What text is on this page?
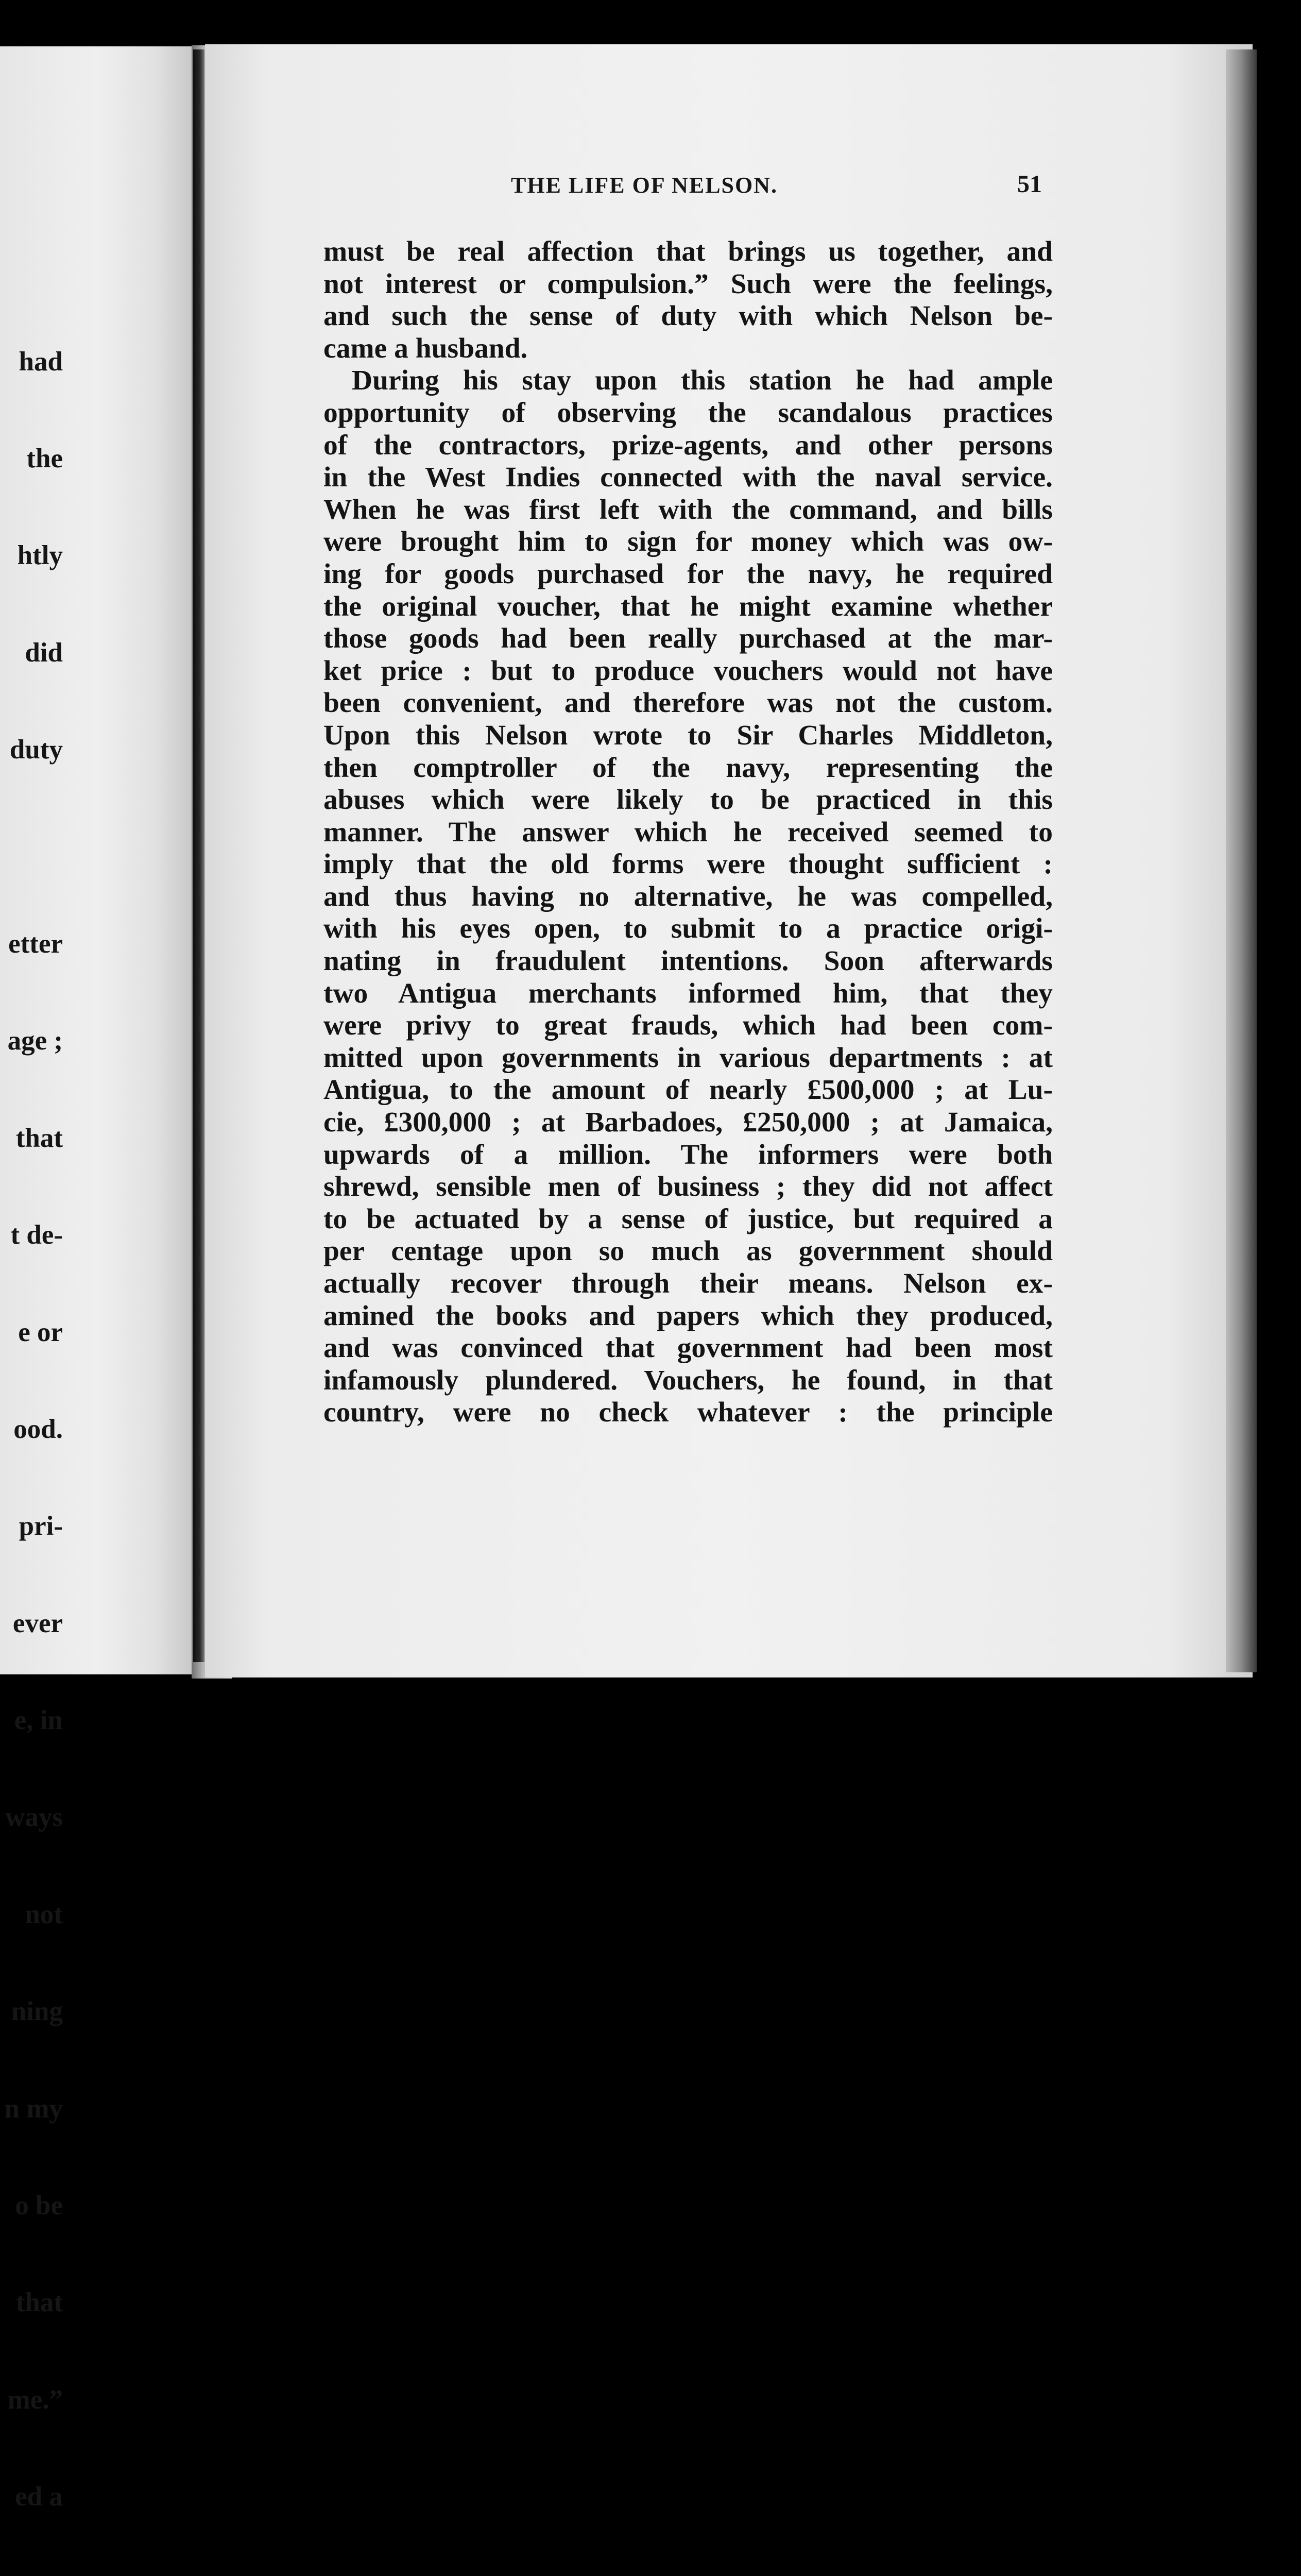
had

the

htly

did

duty

etter

age ;

that

t de-

e or

ood.

pri-

ever

e, in

ways

not

ning

n my

o be

that

me.”

ed a

THE LIFE OF NELSON.	51
must be real affection that brings us together, and
not interest or compulsion.” Such were the feelings,
and such the sense of duty with which Nelson be-
came a husband.
During his stay upon this station he had ample
opportunity of observing the scandalous practices
of the contractors, prize-agents, and other persons
in the West Indies connected with the naval service.
When he was first left with the command, and bills
were brought him to sign for money which was ow-
ing for goods purchased for the navy, he required
the original voucher, that he might examine whether
those goods had been really purchased at the mar-
ket price : but to produce vouchers would not have
been convenient, and therefore was not the custom.
Upon this Nelson wrote to Sir Charles Middleton,
then comptroller of the navy, representing the
abuses which were likely to be practiced in this
manner. The answer which he received seemed to
imply that the old forms were thought sufficient :
and thus having no alternative, he was compelled,
with his eyes open, to submit to a practice origi-
nating in fraudulent intentions. Soon afterwards
two Antigua merchants informed him, that they
were privy to great frauds, which had been com-
mitted upon governments in various departments : at
Antigua, to the amount of nearly £500,000 ; at Lu-
cie, £300,000 ; at Barbadoes, £250,000 ; at Jamaica,
upwards of a million. The informers were both
shrewd, sensible men of business ; they did not affect
to be actuated by a sense of justice, but required a
per centage upon so much as government should
actually recover through their means. Nelson ex-
amined the books and papers which they produced,
and was convinced that government had been most
infamously plundered. Vouchers, he found, in that
country, were no check whatever : the principle
